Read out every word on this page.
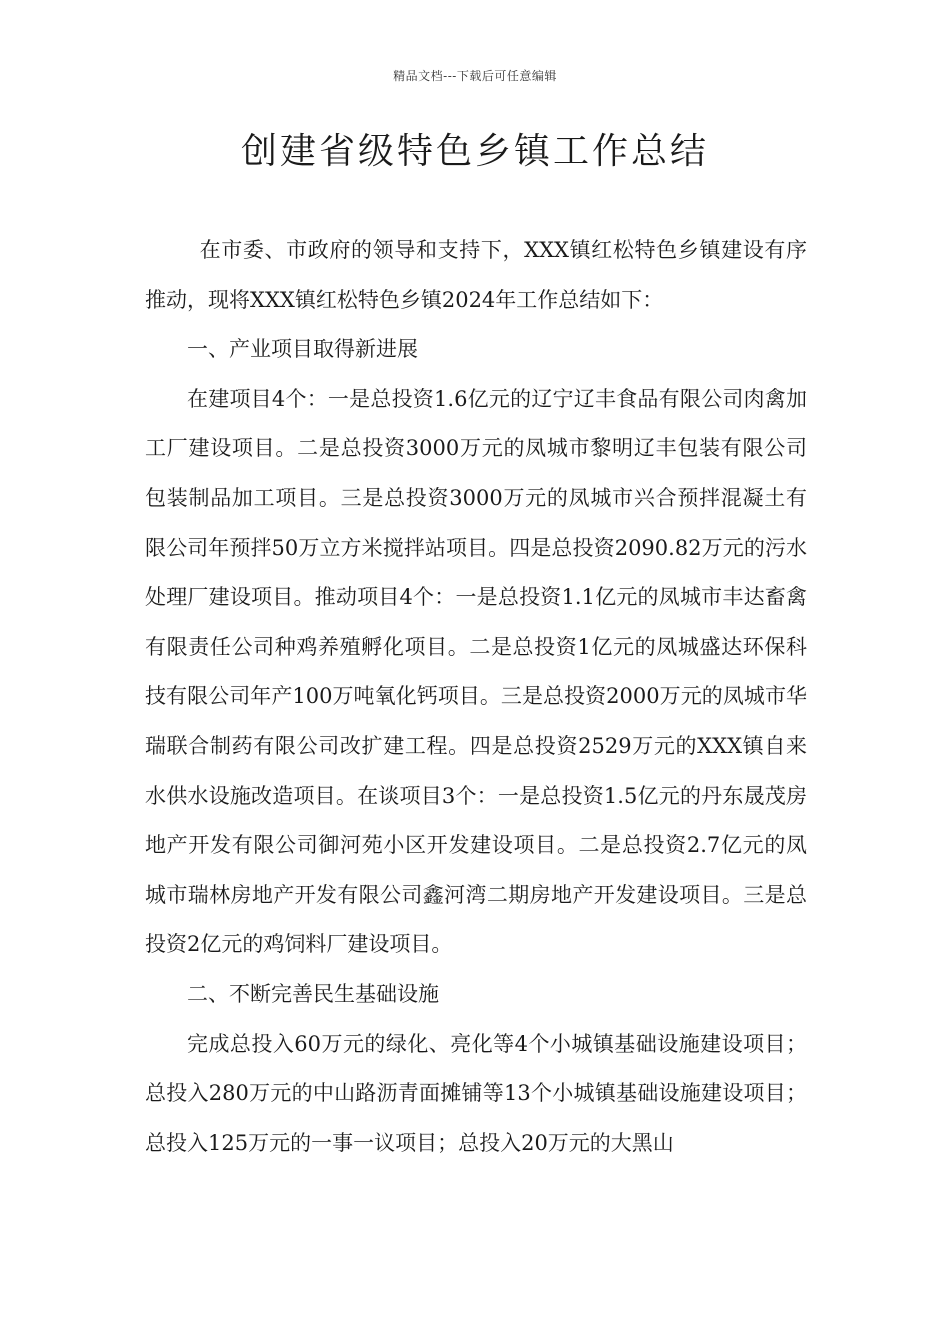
精品文档---下载后可任意编辑
创建省级特色乡镇工作总结

在市委、市政府的领导和支持下，XXX镇红松特色乡镇建设有序推动，现将XXX镇红松特色乡镇2024年工作总结如下：

一、产业项目取得新进展

在建项目4个：一是总投资1.6亿元的辽宁辽丰食品有限公司肉禽加工厂建设项目。二是总投资3000万元的凤城市黎明辽丰包装有限公司包装制品加工项目。三是总投资3000万元的凤城市兴合预拌混凝土有限公司年预拌50万立方米搅拌站项目。四是总投资2090.82万元的污水处理厂建设项目。推动项目4个：一是总投资1.1亿元的凤城市丰达畜禽有限责任公司种鸡养殖孵化项目。二是总投资1亿元的凤城盛达环保科技有限公司年产100万吨氧化钙项目。三是总投资2000万元的凤城市华瑞联合制药有限公司改扩建工程。四是总投资2529万元的XXX镇自来水供水设施改造项目。在谈项目3个：一是总投资1.5亿元的丹东晟茂房地产开发有限公司御河苑小区开发建设项目。二是总投资2.7亿元的凤城市瑞林房地产开发有限公司鑫河湾二期房地产开发建设项目。三是总投资2亿元的鸡饲料厂建设项目。

二、不断完善民生基础设施

完成总投入60万元的绿化、亮化等4个小城镇基础设施建设项目；总投入280万元的中山路沥青面摊铺等13个小城镇基础设施建设项目；总投入125万元的一事一议项目；总投入20万元的大黑山
